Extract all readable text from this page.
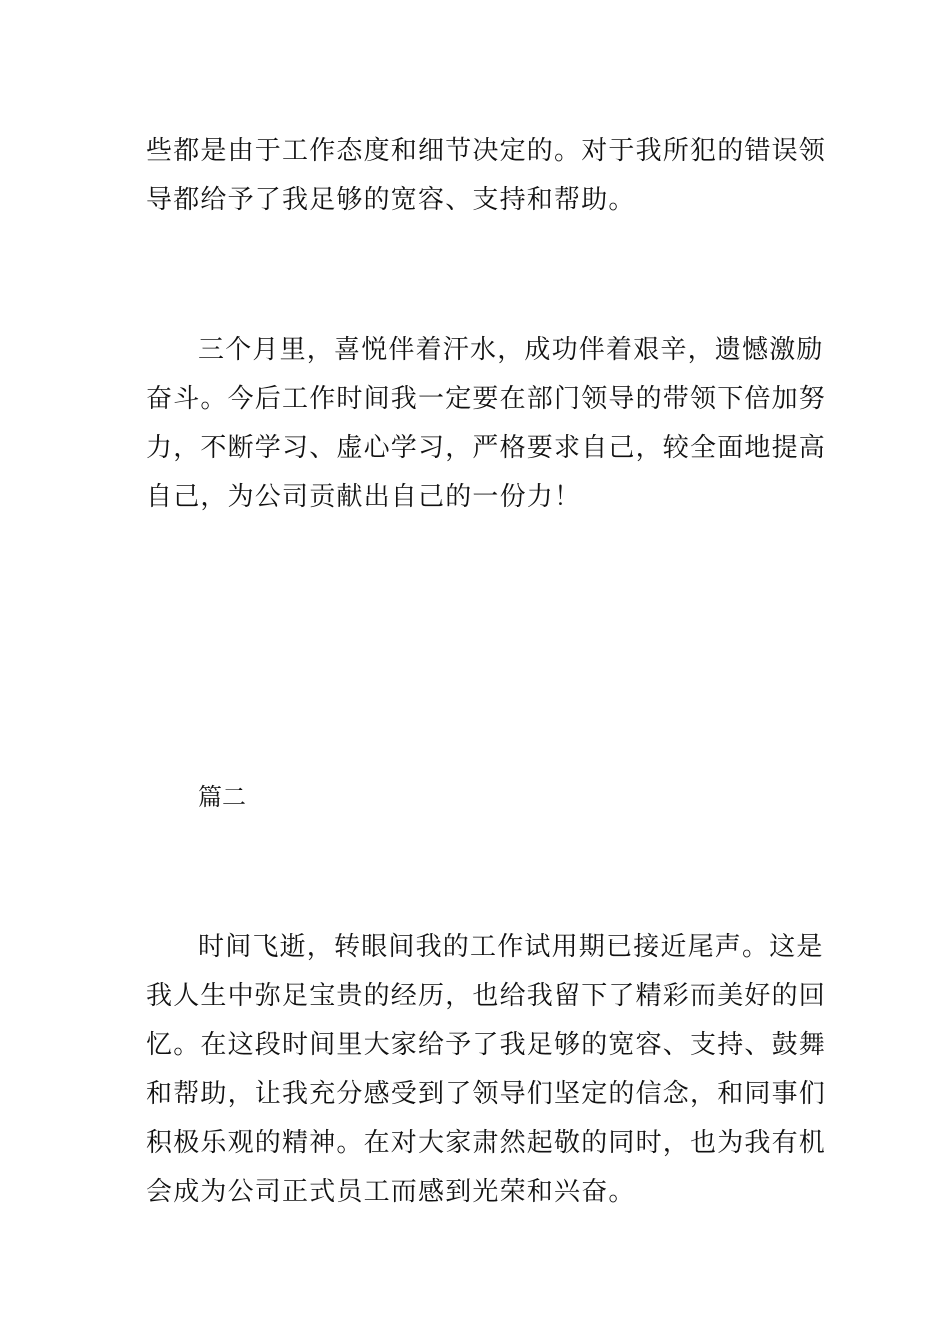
些都是由于工作态度和细节决定的。对于我所犯的错误领
导都给予了我足够的宽容、支持和帮助。
三个月里，喜悦伴着汗水，成功伴着艰辛，遗憾激励
奋斗。今后工作时间我一定要在部门领导的带领下倍加努
力，不断学习、虚心学习，严格要求自己，较全面地提高
自己，为公司贡献出自己的一份力！
篇二
时间飞逝，转眼间我的工作试用期已接近尾声。这是
我人生中弥足宝贵的经历，也给我留下了精彩而美好的回
忆。在这段时间里大家给予了我足够的宽容、支持、鼓舞
和帮助，让我充分感受到了领导们坚定的信念，和同事们
积极乐观的精神。在对大家肃然起敬的同时，也为我有机
会成为公司正式员工而感到光荣和兴奋。
